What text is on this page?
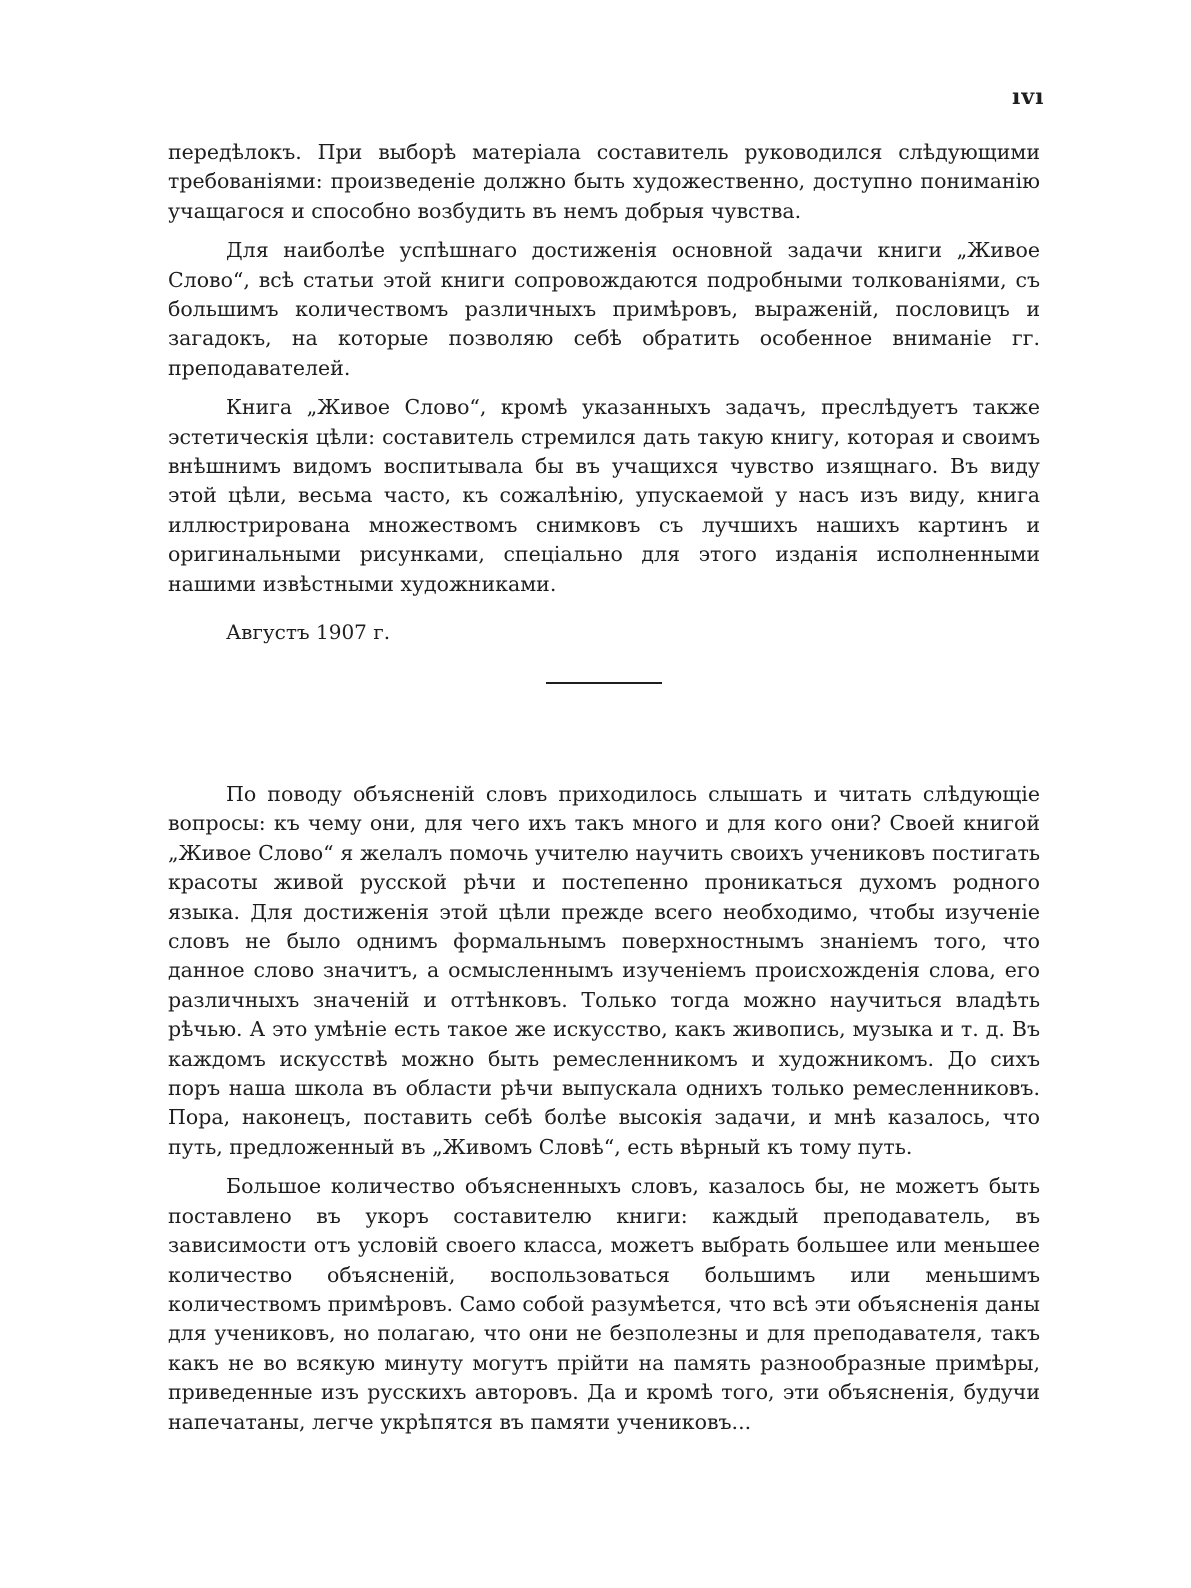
ıvı

передѣлокъ. При выборѣ матеріала составитель руководился слѣдующими требованіями: произведеніе должно быть художественно, доступно пониманію учащагося и способно возбудить въ немъ добрыя чувства.

Для наиболѣе успѣшнаго достиженія основной задачи книги „Живое Слово“, всѣ статьи этой книги сопровождаются подробными толкованіями, съ большимъ количествомъ различныхъ примѣровъ, выраженій, пословицъ и загадокъ, на которые позволяю себѣ обратить особенное вниманіе гг. преподавателей.

Книга „Живое Слово“, кромѣ указанныхъ задачъ, преслѣдуетъ также эстетическія цѣли: составитель стремился дать такую книгу, которая и своимъ внѣшнимъ видомъ воспитывала бы въ учащихся чувство изящнаго. Въ виду этой цѣли, весьма часто, къ сожалѣнію, упускаемой у насъ изъ виду, книга иллюстрирована множествомъ снимковъ съ лучшихъ нашихъ картинъ и оригинальными рисунками, спеціально для этого изданія исполненными нашими извѣстными художниками.

Августъ 1907 г.

По поводу объясненій словъ приходилось слышать и читать слѣдующіе вопросы: къ чему они, для чего ихъ такъ много и для кого они? Своей книгой „Живое Слово“ я желалъ помочь учителю научить своихъ учениковъ постигать красоты живой русской рѣчи и постепенно проникаться духомъ родного языка. Для достиженія этой цѣли прежде всего необходимо, чтобы изученіе словъ не было однимъ формальнымъ поверхностнымъ знаніемъ того, что данное слово значитъ, а осмысленнымъ изученіемъ происхожденія слова, его различныхъ значеній и оттѣнковъ. Только тогда можно научиться владѣть рѣчью. А это умѣніе есть такое же искусство, какъ живопись, музыка и т. д. Въ каждомъ искусствѣ можно быть ремесленникомъ и художникомъ. До сихъ поръ наша школа въ области рѣчи выпускала однихъ только ремесленниковъ. Пора, наконецъ, поставить себѣ болѣе высокія задачи, и мнѣ казалось, что путь, предложенный въ „Живомъ Словѣ“, есть вѣрный къ тому путь.

Большое количество объясненныхъ словъ, казалось бы, не можетъ быть поставлено въ укоръ составителю книги: каждый преподаватель, въ зависимости отъ условій своего класса, можетъ выбрать большее или меньшее количество объясненій, воспользоваться большимъ или меньшимъ количествомъ примѣровъ. Само собой разумѣется, что всѣ эти объясненія даны для учениковъ, но полагаю, что они не безполезны и для преподавателя, такъ какъ не во всякую минуту могутъ прійти на память разнообразные примѣры, приведенные изъ русскихъ авторовъ. Да и кромѣ того, эти объясненія, будучи напечатаны, легче укрѣпятся въ памяти учениковъ...
